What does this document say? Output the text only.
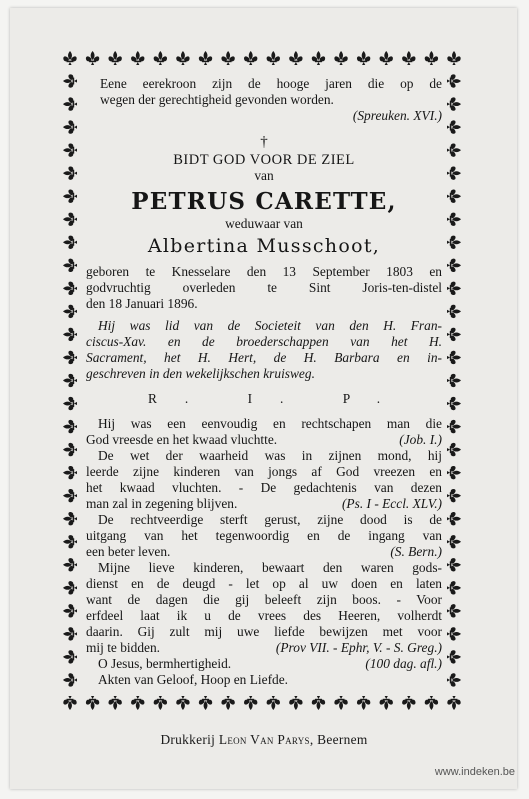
Eene eerekroon zijn de hooge jaren die op de
wegen der gerechtigheid gevonden worden.
(Spreuken. XVI.)
†
BIDT GOD VOOR DE ZIEL
van
PETRUS CARETTE,
weduwaar van
Albertina Musschoot,
geboren te Knesselare den 13 September 1803 en
godvruchtig overleden te Sint Joris-ten-distel
den 18 Januari 1896.
Hij was lid van de Societeit van den H. Fran-
ciscus-Xav. en de broederschappen van het H.
Sacrament, het H. Hert, de H. Barbara en in-
geschreven in den wekelijkschen kruisweg.
R. I. P.
Hij was een eenvoudig en rechtschapen man die
God vreesde en het kwaad vluchtte.	(Job. I.)
De wet der waarheid was in zijnen mond, hij
leerde zijne kinderen van jongs af God vreezen en
het kwaad vluchten. - De gedachtenis van dezen
man zal in zegening blijven.	(Ps. I - Eccl. XLV.)
De rechtveerdige sterft gerust, zijne dood is de
uitgang van het tegenwoordig en de ingang van
een beter leven.	(S. Bern.)
Mijne lieve kinderen, bewaart den waren gods-
dienst en de deugd - let op al uw doen en laten
want de dagen die gij beleeft zijn boos. - Voor
erfdeel laat ik u de vrees des Heeren, volherdt
daarin. Gij zult mij uwe liefde bewijzen met voor
mij te bidden.	(Prov VII. - Ephr, V. - S. Greg.)
O Jesus, bermhertigheid.	(100 dag. afl.)
Akten van Geloof, Hoop en Liefde.
Drukkerij Leon Van Parys, Beernem
www.indeken.be
